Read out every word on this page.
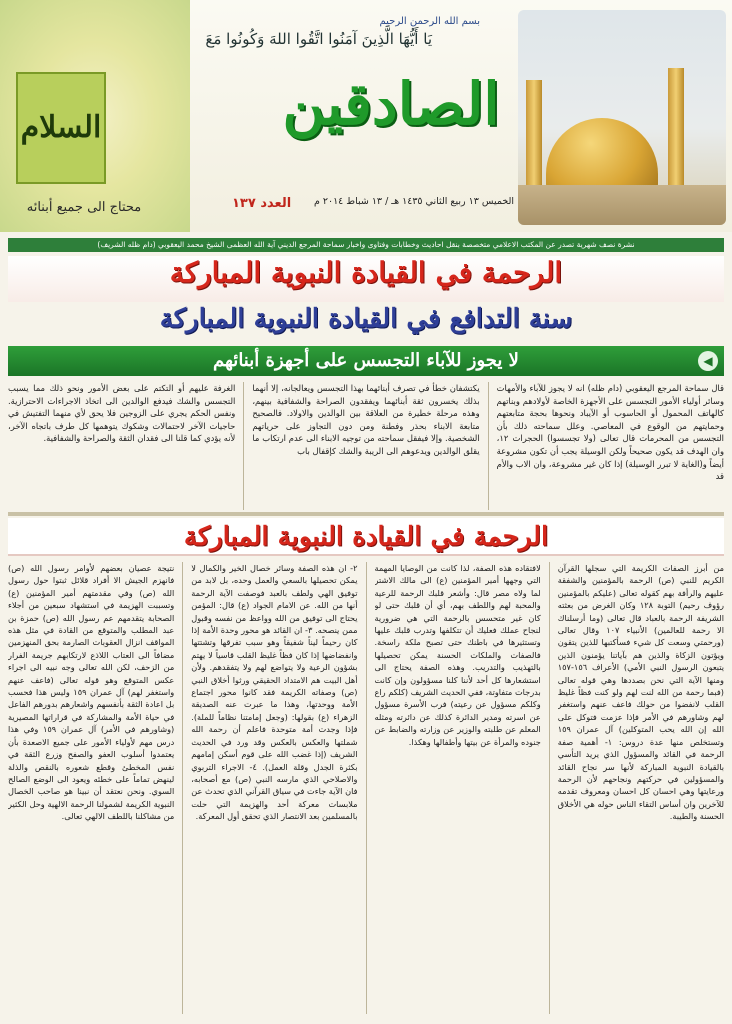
السلام
محتاج الى جميع أبنائه
بسم الله الرحمن الرحيم
يَا أَيُّهَا الَّذِينَ آمَنُوا اتَّقُوا اللهَ وَكُونُوا مَعَ
الصادقين
العدد ١٣٧ الخميس ١٣ ربيع الثاني ١٤٣٥ هـ / ١٣ شباط ٢٠١٤ م
نشرة نصف شهرية تصدر عن المكتب الاعلامي متخصصة بنقل احاديث وخطابات وفتاوى واخبار سماحة المرجع الديني آية الله العظمى الشيخ محمد اليعقوبي (دام ظله الشريف)
الرحمة في القيادة النبوية المباركة
سنة التدافع في القيادة النبوية المباركة
◀
لا يجوز للآباء التجسس على أجهزة أبنائهم
قال سماحة المرجع اليعقوبي (دام ظله) انه لا يجوز للآباء والأمهات وسائر أولياء الأمور التجسس على الأجهزة الخاصة لأولادهم وبناتهم كالهاتف المحمول أو الحاسوب أو الآيباد ونحوها بحجة متابعتهم وحمايتهم من الوقوع في المعاصي. وعلل سماحته ذلك بأن التجسس من المحرمات قال تعالى (ولا تجسسوا) الحجرات ١٢، وان الهدف قد يكون صحيحاً ولكن الوسيلة يجب أن تكون مشروعة أيضاً و(الغاية لا تبرر الوسيلة) إذا كان غير مشروعة، وان الاب والأم قد
يكتشفان خطأ في تصرف أبنائهما بهذا التجسس ويعالجانه، إلا أنهما بذلك يخسرون ثقة أبنائهما ويفقدون الصراحة والشفافية بينهم، وهذه مرحلة خطيرة من العلاقة بين الوالدين والاولاد. فالصحيح متابعة الابناء بحذر وفطنة ومن دون التجاوز على حرياتهم الشخصية. وإلا فيفقل سماحته من توجيه الابناء الى عدم ارتكاب ما يقلق الوالدين ويدعوهم الى الريبة والشك كإقفال باب
الغرفة عليهم أو التكتم على بعض الأمور ونحو ذلك مما يسبب التجسس والشك فيدفع الوالدين الى اتخاذ الاجراءات الاحترازية. ونفس الحكم يجري على الزوجين فلا يحق لأي منهما التفتيش في حاجيات الآخر لاحتمالات وشكوك يتوهمها كل طرف باتجاه الآخر، لأنه يؤدي كما قلنا الى فقدان الثقة والصراحة والشفافية.
الرحمة في القيادة النبوية المباركة
من أبرز الصفات الكريمة التي سجلها القرآن الكريم للنبي (ص) الرحمة بالمؤمنين والشفقة عليهم والرأفة بهم كقوله تعالى (عليكم بالمؤمنين رؤوف رحيم) التوبة ١٢٨ وكان الغرض من بعثته الشريفة الرحمة بالعباد قال تعالى (وما أرسلناك الا رحمة للعالمين) الأنبياء ١٠٧ وقال تعالى (ورحمتي وسعت كل شيء فسأكتبها للذين يتقون ويؤتون الزكاة والذين هم بآياتنا يؤمنون الذين يتبعون الرسول النبي الأمي) الأعراف ١٥٦-١٥٧ ومنها الآية التي نحن بصددها وهي قوله تعالى (فبما رحمة من الله لنت لهم ولو كنت فظاً غليظ القلب لانفضوا من حولك فاعف عنهم واستغفر لهم وشاورهم في الأمر فإذا عزمت فتوكل على الله إن الله يحب المتوكلين) آل عمران ١٥٩ وتستخلص منها عدة دروس: ١- أهمية صفة الرحمة في القائد والمسؤول الذي يريد التأسي بالقيادة النبوية المباركة لأنها سر نجاح القائد والمسؤولين في حركتهم ونجاحهم لأن الرحمة ورعايتها وهي احسان كل احسان ومعروف تقدمه للآخرين وان أساس التقاء الناس حوله هي الأخلاق الحسنة والطيبة.
لافتقاده هذه الصفة، لذا كانت من الوصايا المهمة التي وجهها أمير المؤمنين (ع) الى مالك الاشتر لما ولاه مصر قال: وأشعر قلبك الرحمة للرعية والمحبة لهم واللطف بهم، أي أن قلبك حتى لو كان غير متحسس بالرحمة التي هي ضرورية لنجاح عملك فعليك أن تتكلفها وتدرب قلبك عليها وتستثيرها في باطنك حتى تصبح ملكة راسخة. فالصفات والملكات الحسنة يمكن تحصيلها بالتهذيب والتدريب. وهذه الصفة يحتاج الى استشعارها كل أحد لأننا كلنا مسؤولون وإن كانت بدرجات متفاوتة، ففي الحديث الشريف (كلكم راع وكلكم مسؤول عن رعيته) فرب الأسرة مسؤول عن اسرته ومدير الدائرة كذلك عن دائرته ومثله المعلم عن طلبته والوزير عن وزارته والضابط عن جنوده والمرأة عن بيتها وأطفالها وهكذا.
٢- ان هذه الصفة وسائر خصال الخير والكمال لا يمكن تحصيلها بالسعي والعمل وحده، بل لابد من توفيق الهي ولطف بالعبد فوصفت الآية الرحمة أنها من الله. عن الامام الجواد (ع) قال: المؤمن يحتاج الى توفيق من الله وواعظ من نفسه وقبول ممن ينصحه. ٣- ان القائد هو محور وحدة الأمة إذا كان رحيماً ليناً شفيقاً وهو سبب تفرقها وتشتتها وانفضاضها إذا كان فظاً غليظ القلب قاسياً لا يهتم بشؤون الرعية ولا يتواضع لهم ولا يتفقدهم. ولأن أهل البيت هم الامتداد الحقيقي ورثوا أخلاق النبي (ص) وصفاته الكريمة فقد كانوا محور اجتماع الأمة ووحدتها، وهذا ما عبرت عنه الصديقة الزهراء (ع) بقولها: (وجعل إمامتنا نظاماً للملة). فإذا وجدت أمة متوحدة فاعلم أن رحمة الله شملتها والعكس بالعكس وقد ورد في الحديث الشريف (إذا غضب الله على قوم أسكن إمامهم بكثرة الجدل وقلة العمل). ٤- الاجراء التربوي والاصلاحي الذي مارسه النبي (ص) مع أصحابه، فان الآية جاءت في سياق القرآني الذي تحدث عن ملابسات معركة أحد والهزيمة التي حلت بالمسلمين بعد الانتصار الذي تحقق أول المعركة.
نتيجة عصيان بعضهم لأوامر رسول الله (ص) فانهزم الجيش الا أفراد قلائل ثبتوا حول رسول الله (ص) وفي مقدمتهم أمير المؤمنين (ع) وتسببت الهزيمة في استشهاد سبعين من أجلاء الصحابة يتقدمهم عم رسول الله (ص) حمزة بن عبد المطلب والمتوقع من القادة في مثل هذه المواقف انزال العقوبات الصارمة بحق المنهزمين مضافاً الى العتاب اللاذع لارتكابهم جريمة الفرار من الزحف، لكن الله تعالى وجه نبيه الى اجراء عكس المتوقع وهو قوله تعالى (فاعف عنهم واستغفر لهم) آل عمران ١٥٩ وليس هذا فحسب بل اعادة الثقة بأنفسهم واشعارهم بدورهم الفاعل في حياة الأمة والمشاركة في قراراتها المصيرية (وشاورهم في الأمر) آل عمران ١٥٩ وفي هذا درس مهم لأولياء الأمور على جميع الاصعدة بأن يعتمدوا أسلوب العفو والصفح وزرع الثقة في نفس المخطئ وقطع شعوره بالنقص والذلة لينهض تماماً على خطئه ويعود الى الوضع الصالح السوي. ونحن نعتقد أن نبينا هو صاحب الخصال النبوية الكريمة لشمولنا الرحمة الالهية وحل الكثير من مشاكلنا باللطف الالهي تعالى.
